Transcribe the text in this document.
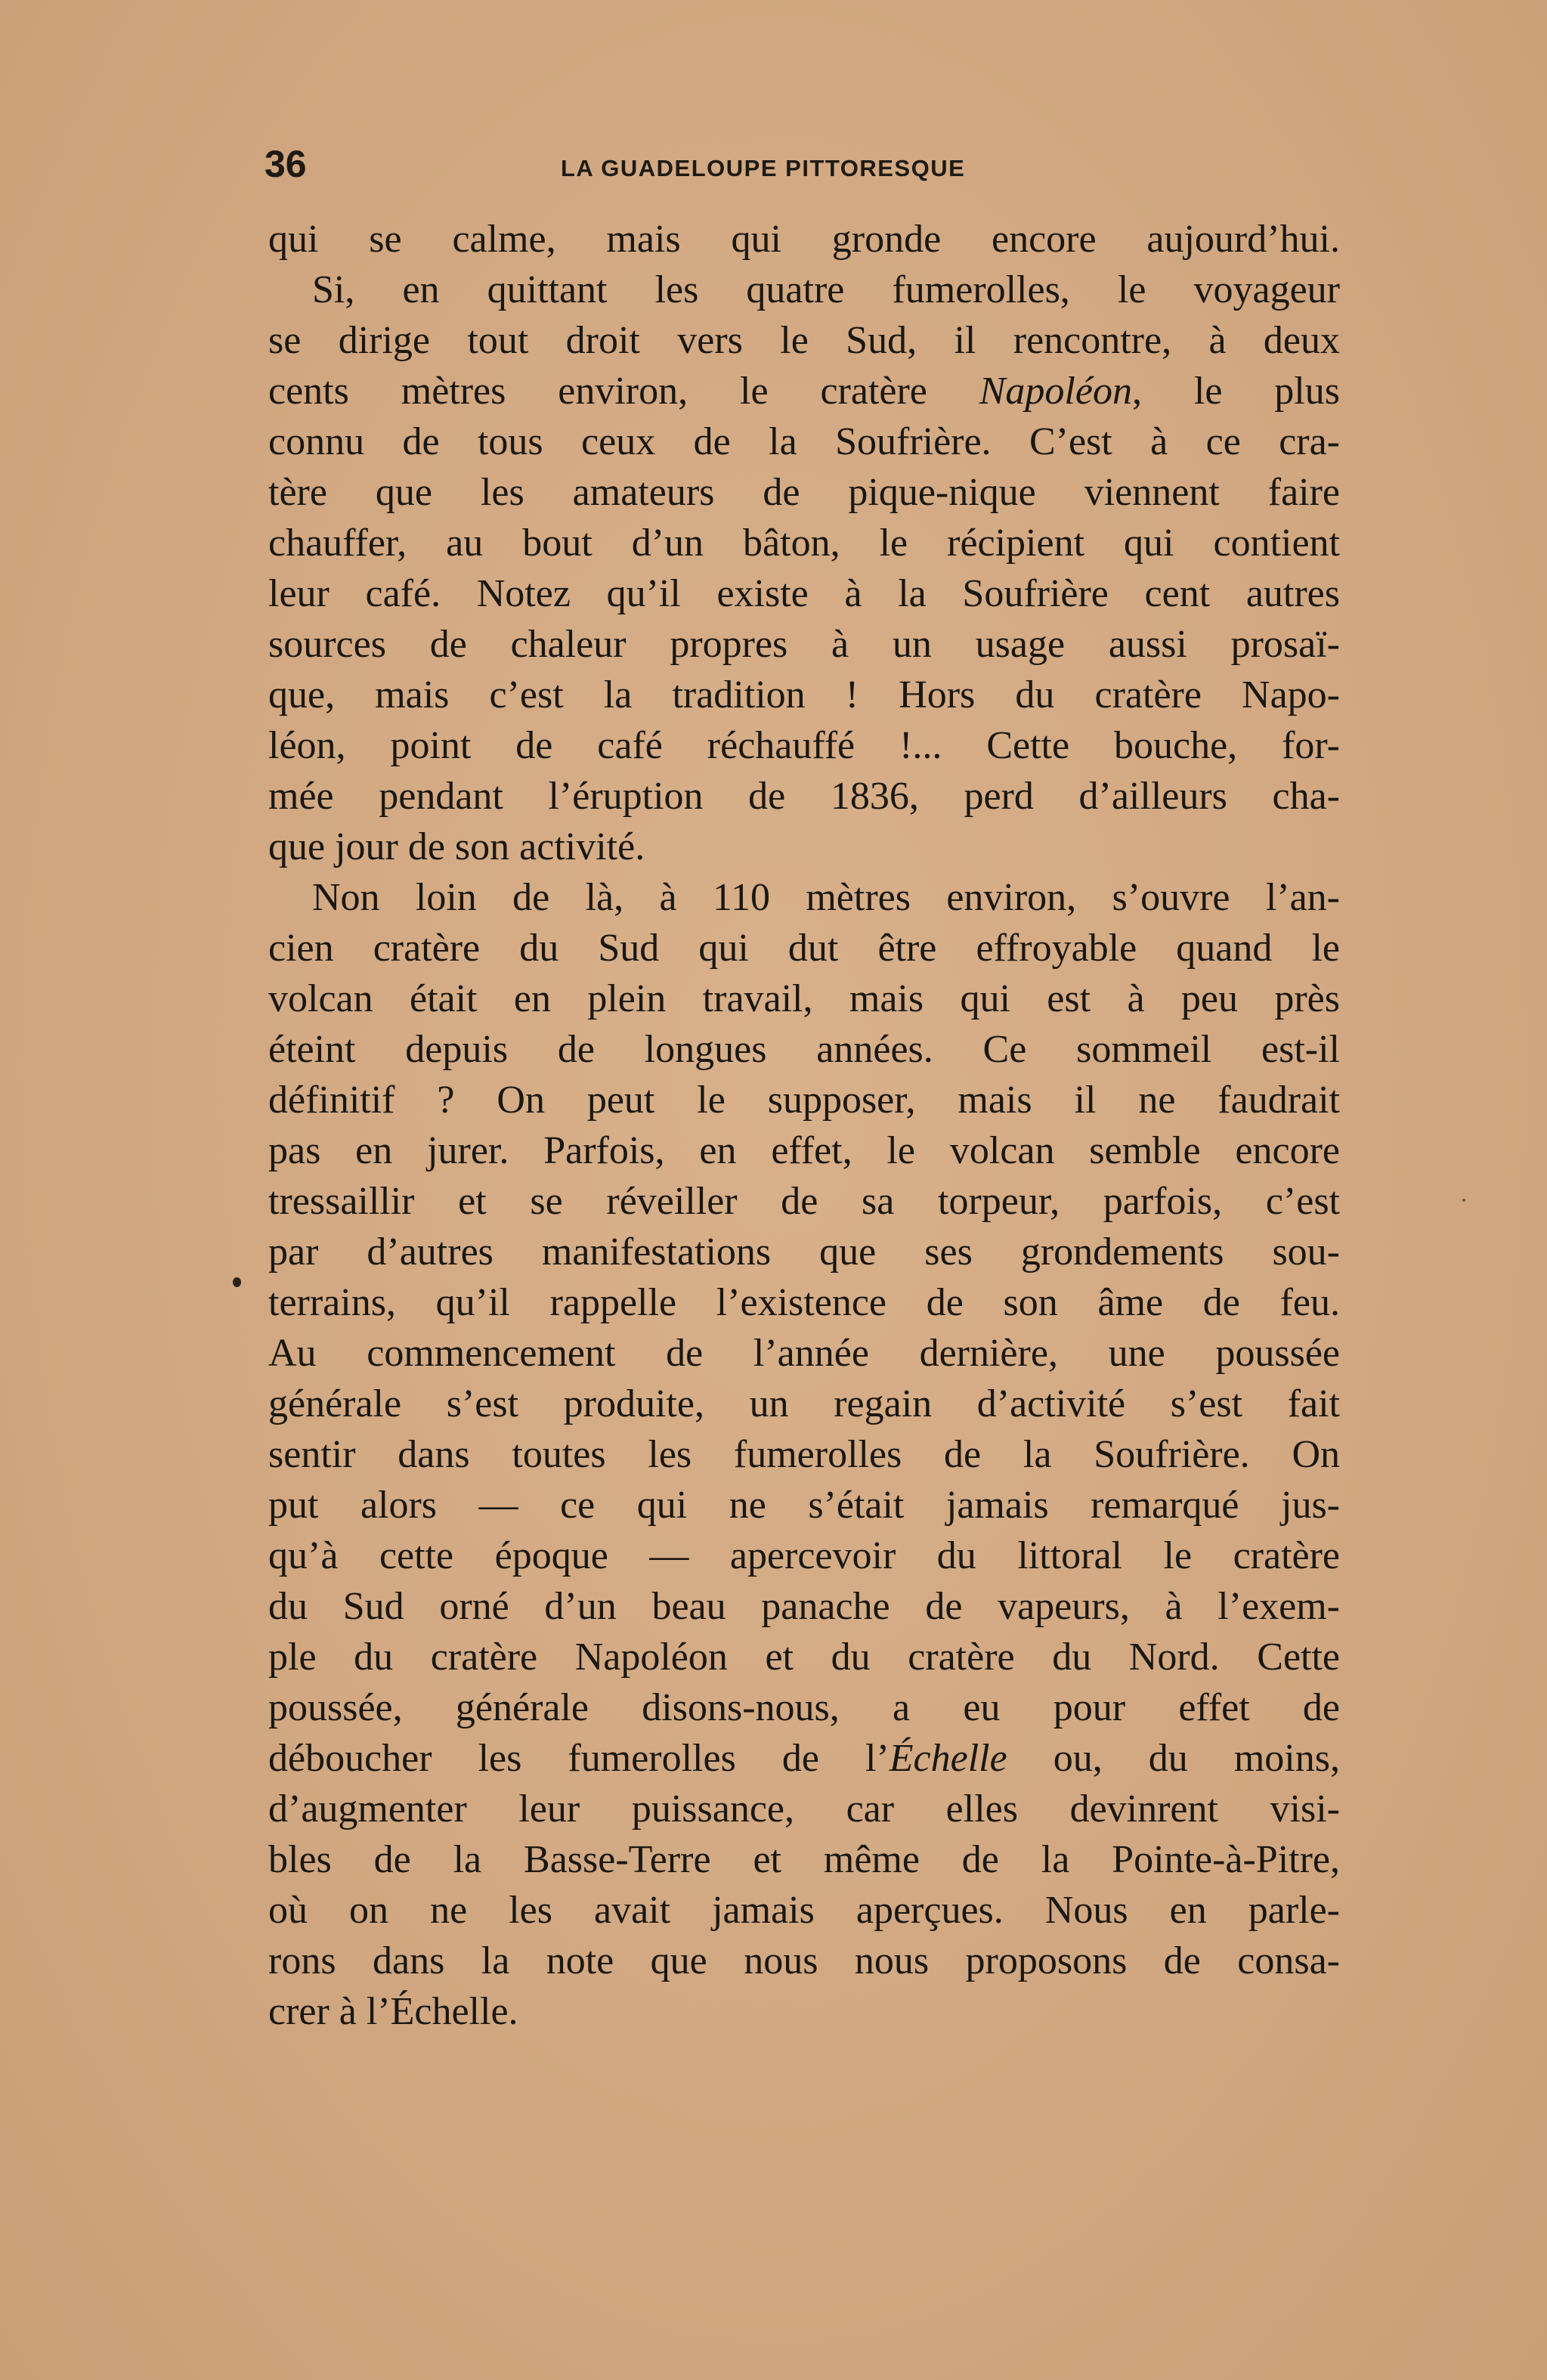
36	LA GUADELOUPE PITTORESQUE
qui se calme, mais qui gronde encore aujourd’hui.
Si, en quittant les quatre fumerolles, le voyageur
se dirige tout droit vers le Sud, il rencontre, à deux
cents mètres environ, le cratère Napoléon, le plus
connu de tous ceux de la Soufrière. C’est à ce cra-
tère que les amateurs de pique-nique viennent faire
chauffer, au bout d’un bâton, le récipient qui contient
leur café. Notez qu’il existe à la Soufrière cent autres
sources de chaleur propres à un usage aussi prosaï-
que, mais c’est la tradition ! Hors du cratère Napo-
léon, point de café réchauffé !... Cette bouche, for-
mée pendant l’éruption de 1836, perd d’ailleurs cha-
que jour de son activité.
Non loin de là, à 110 mètres environ, s’ouvre l’an-
cien cratère du Sud qui dut être effroyable quand le
volcan était en plein travail, mais qui est à peu près
éteint depuis de longues années. Ce sommeil est-il
définitif ? On peut le supposer, mais il ne faudrait
pas en jurer. Parfois, en effet, le volcan semble encore
tressaillir et se réveiller de sa torpeur, parfois, c’est
par d’autres manifestations que ses grondements sou-
terrains, qu’il rappelle l’existence de son âme de feu.
Au commencement de l’année dernière, une poussée
générale s’est produite, un regain d’activité s’est fait
sentir dans toutes les fumerolles de la Soufrière. On
put alors — ce qui ne s’était jamais remarqué jus-
qu’à cette époque — apercevoir du littoral le cratère
du Sud orné d’un beau panache de vapeurs, à l’exem-
ple du cratère Napoléon et du cratère du Nord. Cette
poussée, générale disons-nous, a eu pour effet de
déboucher les fumerolles de l’Échelle ou, du moins,
d’augmenter leur puissance, car elles devinrent visi-
bles de la Basse-Terre et même de la Pointe-à-Pitre,
où on ne les avait jamais aperçues. Nous en parle-
rons dans la note que nous nous proposons de consa-
crer à l’Échelle.
